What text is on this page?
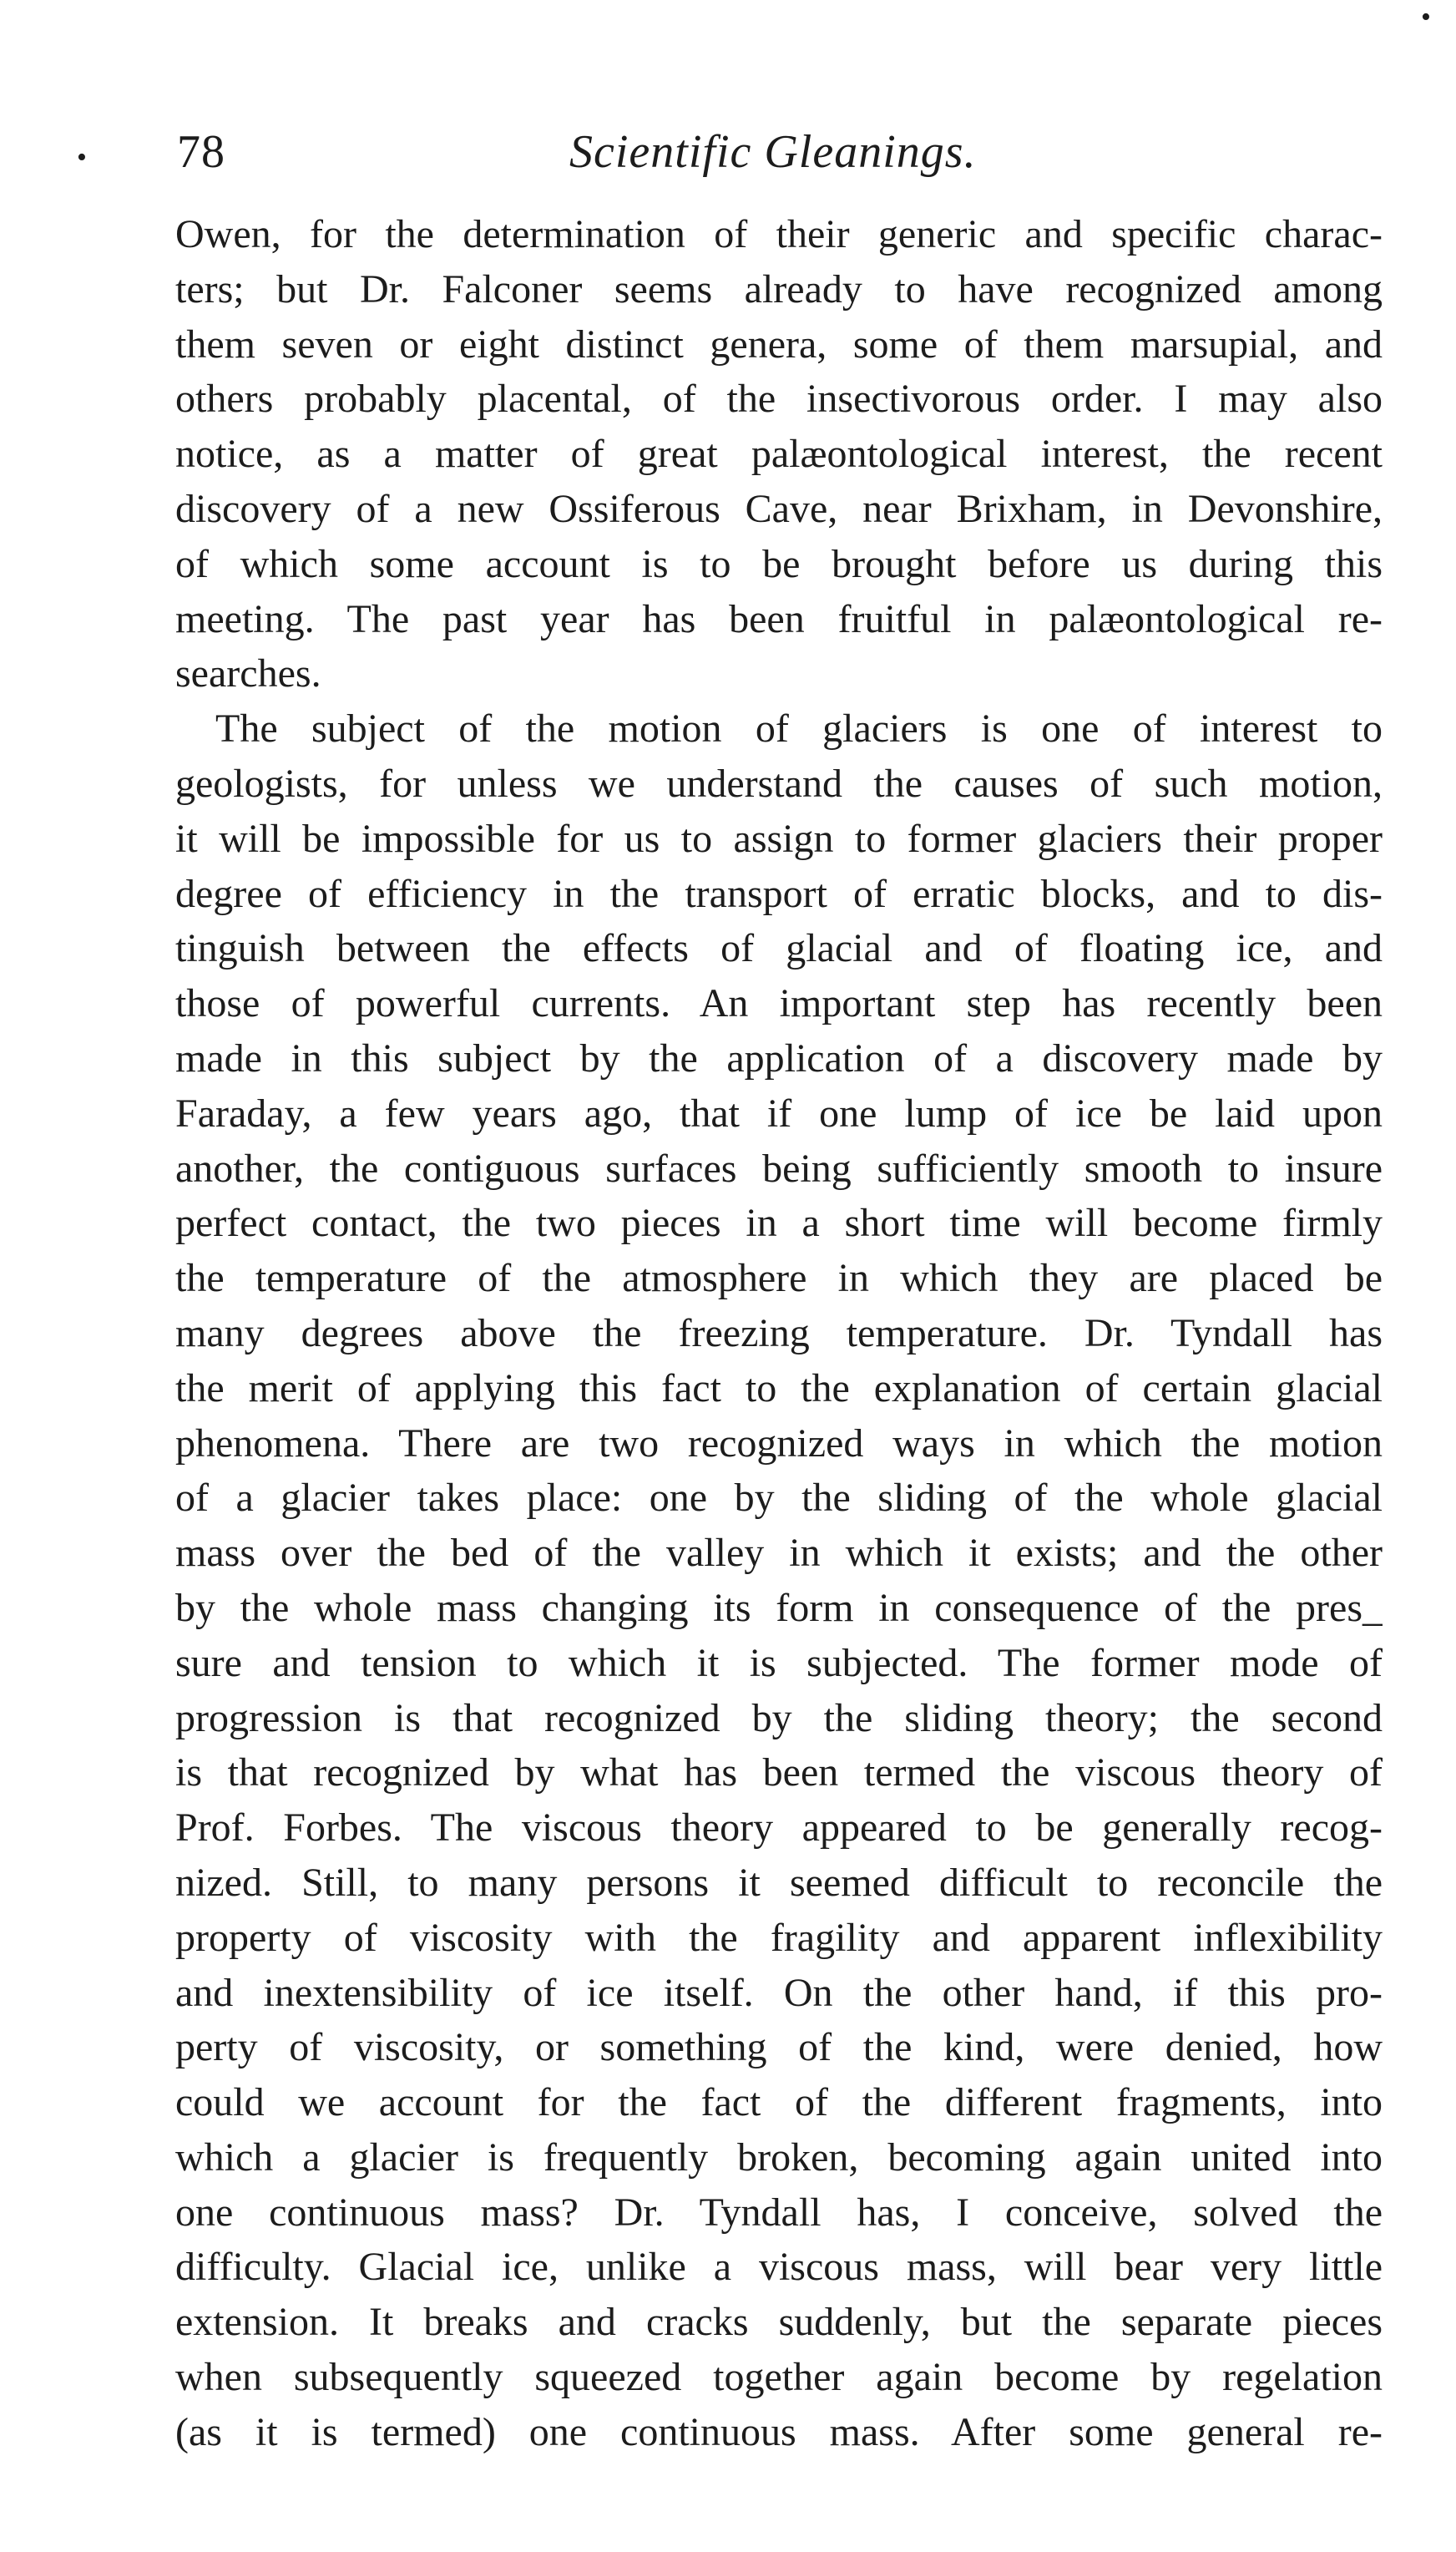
•
•
78	Scientific Gleanings.
Owen, for the determination of their generic and specific charac-
ters; but Dr. Falconer seems already to have recognized among
them seven or eight distinct genera, some of them marsupial, and
others probably placental, of the insectivorous order. I may also
notice, as a matter of great palæontological interest, the recent
discovery of a new Ossiferous Cave, near Brixham, in Devonshire,
of which some account is to be brought before us during this
meeting. The past year has been fruitful in palæontological re-
searches.
The subject of the motion of glaciers is one of interest to
geologists, for unless we understand the causes of such motion,
it will be impossible for us to assign to former glaciers their proper
degree of efficiency in the transport of erratic blocks, and to dis-
tinguish between the effects of glacial and of floating ice, and
those of powerful currents. An important step has recently been
made in this subject by the application of a discovery made by
Faraday, a few years ago, that if one lump of ice be laid upon
another, the contiguous surfaces being sufficiently smooth to insure
perfect contact, the two pieces in a short time will become firmly
the temperature of the atmosphere in which they are placed be
many degrees above the freezing temperature. Dr. Tyndall has
the merit of applying this fact to the explanation of certain glacial
phenomena. There are two recognized ways in which the motion
of a glacier takes place: one by the sliding of the whole glacial
mass over the bed of the valley in which it exists; and the other
by the whole mass changing its form in consequence of the pres_
sure and tension to which it is subjected. The former mode of
progression is that recognized by the sliding theory; the second
is that recognized by what has been termed the viscous theory of
Prof. Forbes. The viscous theory appeared to be generally recog-
nized. Still, to many persons it seemed difficult to reconcile the
property of viscosity with the fragility and apparent inflexibility
and inextensibility of ice itself. On the other hand, if this pro-
perty of viscosity, or something of the kind, were denied, how
could we account for the fact of the different fragments, into
which a glacier is frequently broken, becoming again united into
one continuous mass? Dr. Tyndall has, I conceive, solved the
difficulty. Glacial ice, unlike a viscous mass, will bear very little
extension. It breaks and cracks suddenly, but the separate pieces
when subsequently squeezed together again become by regelation
(as it is termed) one continuous mass. After some general re-
